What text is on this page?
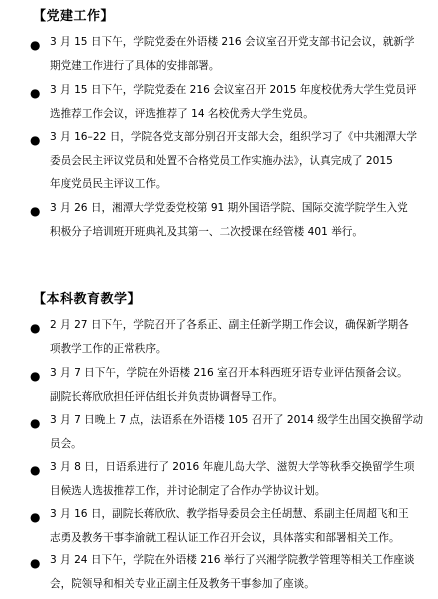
【党建工作】
● 3 月 15 日下午，学院党委在外语楼 216 会议室召开党支部书记会议，就新学
期党建工作进行了具体的安排部署。
● 3 月 15 日下午，学院党委在 216 会议室召开 2015 年度校优秀大学生党员评
选推荐工作会议，评选推荐了 14 名校优秀大学生党员。
● 3 月 16–22 日，学院各党支部分别召开支部大会，组织学习了《中共湘潭大学
委员会民主评议党员和处置不合格党员工作实施办法》，认真完成了 2015
年度党员民主评议工作。
● 3 月 26 日，湘潭大学党委党校第 91 期外国语学院、国际交流学院学生入党
积极分子培训班开班典礼及其第一、二次授课在经管楼 401 举行。
【本科教育教学】
● 2 月 27 日下午，学院召开了各系正、副主任新学期工作会议，确保新学期各
项教学工作的正常秩序。
● 3 月 7 日下午，学院在外语楼 216 室召开本科西班牙语专业评估预备会议。
副院长蒋欣欣担任评估组长并负责协调督导工作。
● 3 月 7 日晚上 7 点，法语系在外语楼 105 召开了 2014 级学生出国交换留学动
员会。
● 3 月 8 日，日语系进行了 2016 年鹿儿岛大学、滋贺大学等秋季交换留学生项
目候选人选拔推荐工作，并讨论制定了合作办学协议计划。
● 3 月 16 日，副院长蒋欣欣、教学指导委员会主任胡慧、系副主任周超飞和王
志勇及教务干事李渝就工程认证工作召开会议，具体落实和部署相关工作。
● 3 月 24 日下午，学院在外语楼 216 举行了兴湘学院教学管理等相关工作座谈
会，院领导和相关专业正副主任及教务干事参加了座谈。
